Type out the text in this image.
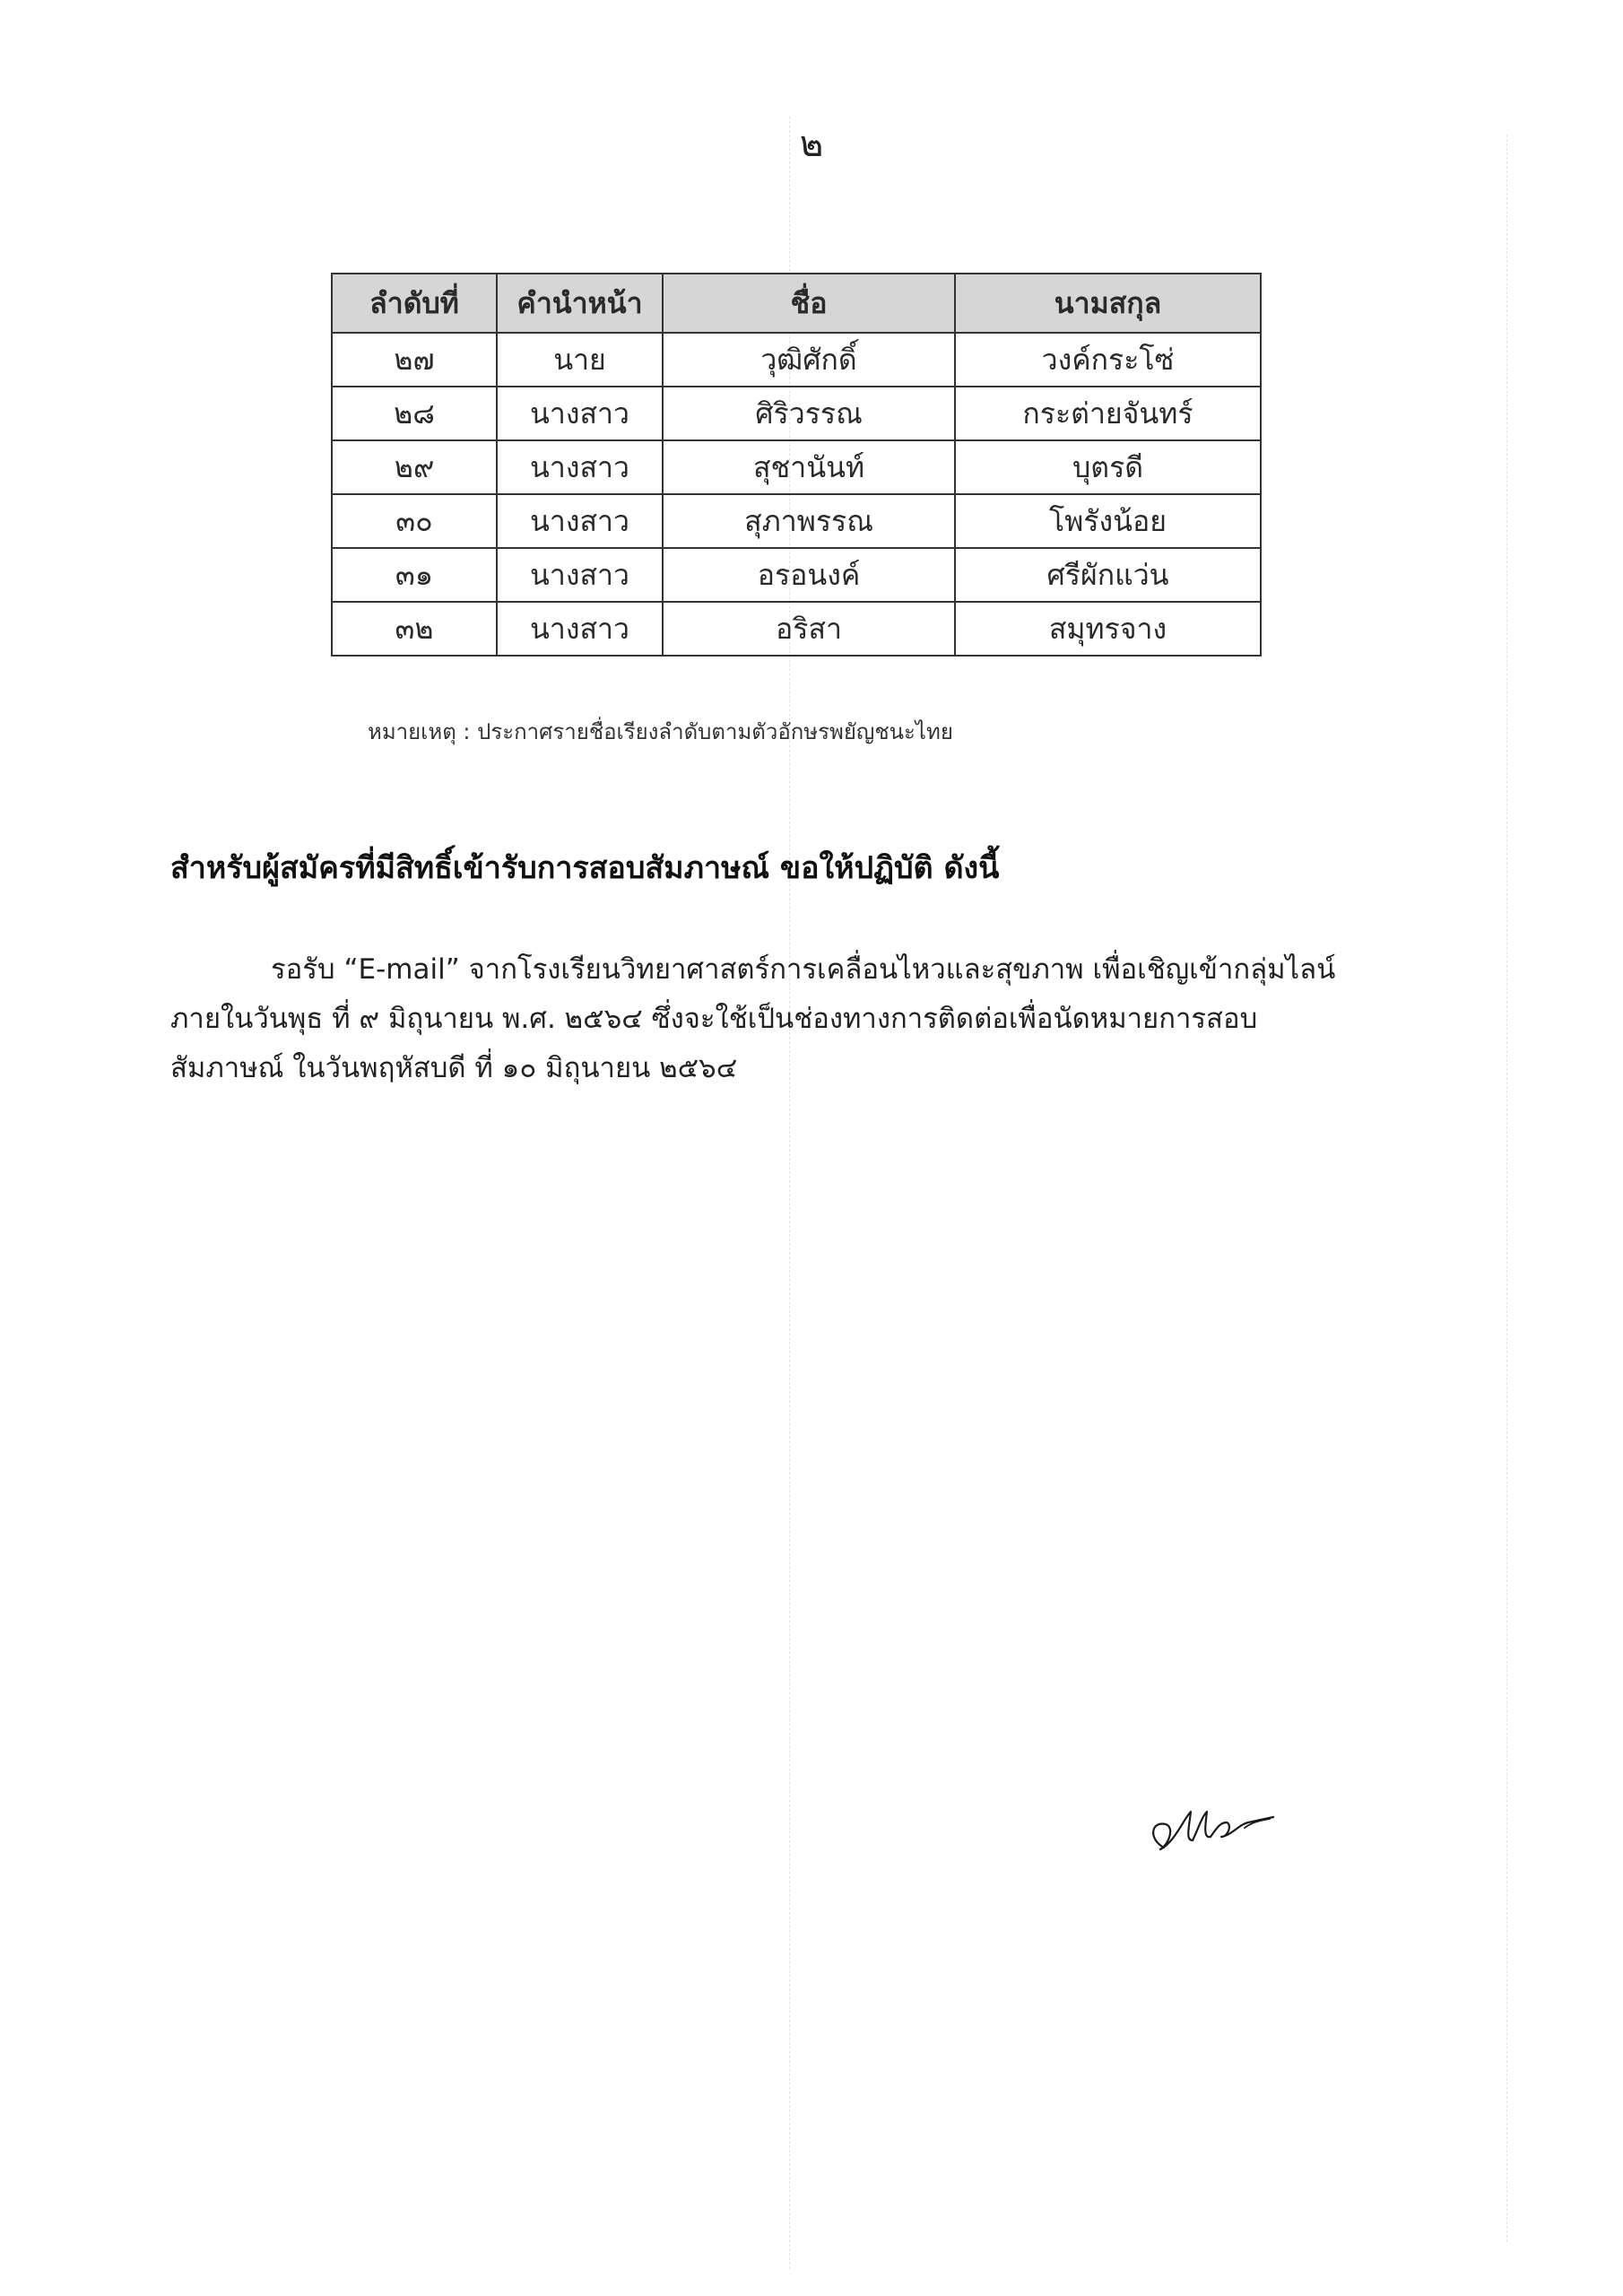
๒
ลำดับที่	คำนำหน้า	ชื่อ	นามสกุล
๒๗	นาย	วุฒิศักดิ์	วงค์กระโซ่
๒๘	นางสาว	ศิริวรรณ	กระต่ายจันทร์
๒๙	นางสาว	สุชานันท์	บุตรดี
๓๐	นางสาว	สุภาพรรณ	โพรังน้อย
๓๑	นางสาว	อรอนงค์	ศรีผักแว่น
๓๒	นางสาว	อริสา	สมุทรจาง
หมายเหตุ : ประกาศรายชื่อเรียงลำดับตามตัวอักษรพยัญชนะไทย
สำหรับผู้สมัครที่มีสิทธิ์เข้ารับการสอบสัมภาษณ์ ขอให้ปฏิบัติ ดังนี้
รอรับ “E-mail” จากโรงเรียนวิทยาศาสตร์การเคลื่อนไหวและสุขภาพ เพื่อเชิญเข้ากลุ่มไลน์
ภายในวันพุธ ที่ ๙ มิถุนายน พ.ศ. ๒๕๖๔ ซึ่งจะใช้เป็นช่องทางการติดต่อเพื่อนัดหมายการสอบ
สัมภาษณ์ ในวันพฤหัสบดี ที่ ๑๐ มิถุนายน ๒๕๖๔
